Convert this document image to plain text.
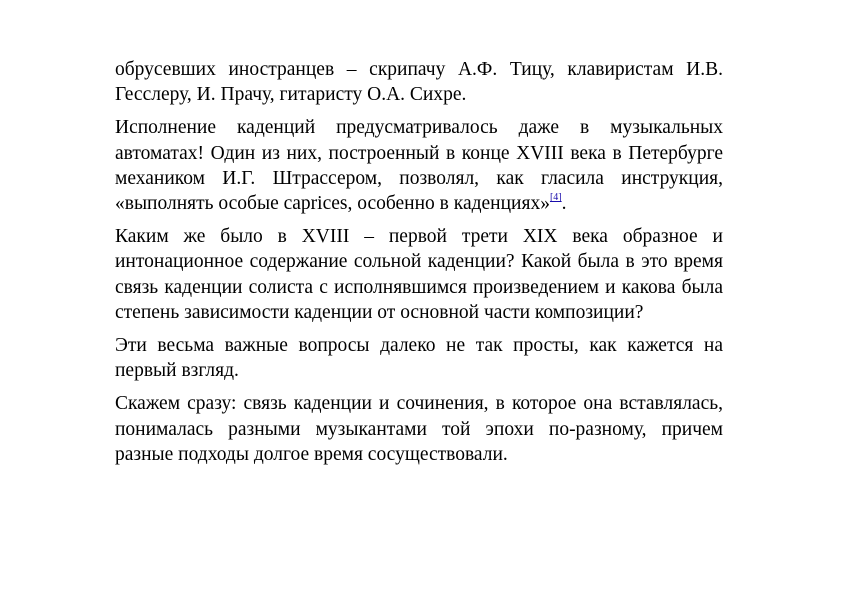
обрусевших иностранцев – скрипачу А.Ф. Тицу, клавиристам И.В. Гесслеру, И. Прачу, гитаристу О.А. Сихре.

Исполнение каденций предусматривалось даже в музыкальных автоматах! Один из них, построенный в конце XVIII века в Петербурге механиком И.Г. Штрассером, позволял, как гласила инструкция, «выполнять особые caprices, особенно в каденциях»[4].

Каким же было в XVIII – первой трети XIX века образное и интонационное содержание сольной каденции? Какой была в это время связь каденции солиста с исполнявшимся произведением и какова была степень зависимости каденции от основной части композиции?

Эти весьма важные вопросы далеко не так просты, как кажется на первый взгляд.

Скажем сразу: связь каденции и сочинения, в которое она вставлялась, понималась разными музыкантами той эпохи по-разному, причем разные подходы долгое время сосуществовали.
